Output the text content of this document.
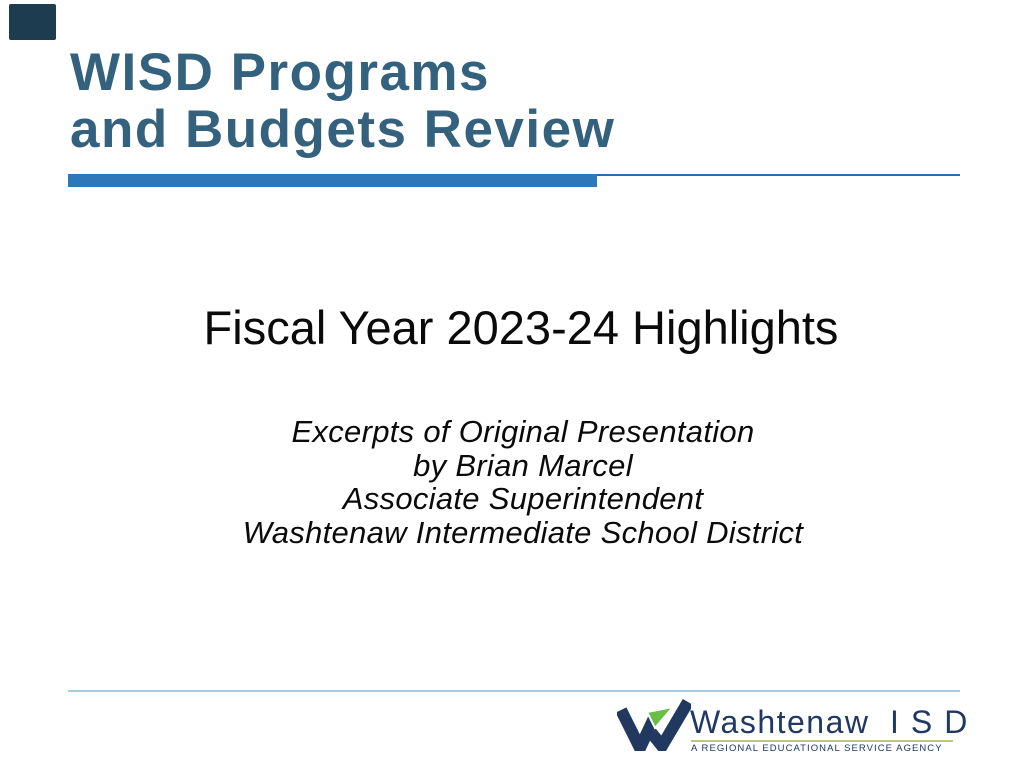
WISD Programs
and Budgets Review
Fiscal Year 2023-24 Highlights
Excerpts of Original Presentation
by Brian Marcel
Associate Superintendent
Washtenaw Intermediate School District
Washtenaw ISD
A REGIONAL EDUCATIONAL SERVICE AGENCY
